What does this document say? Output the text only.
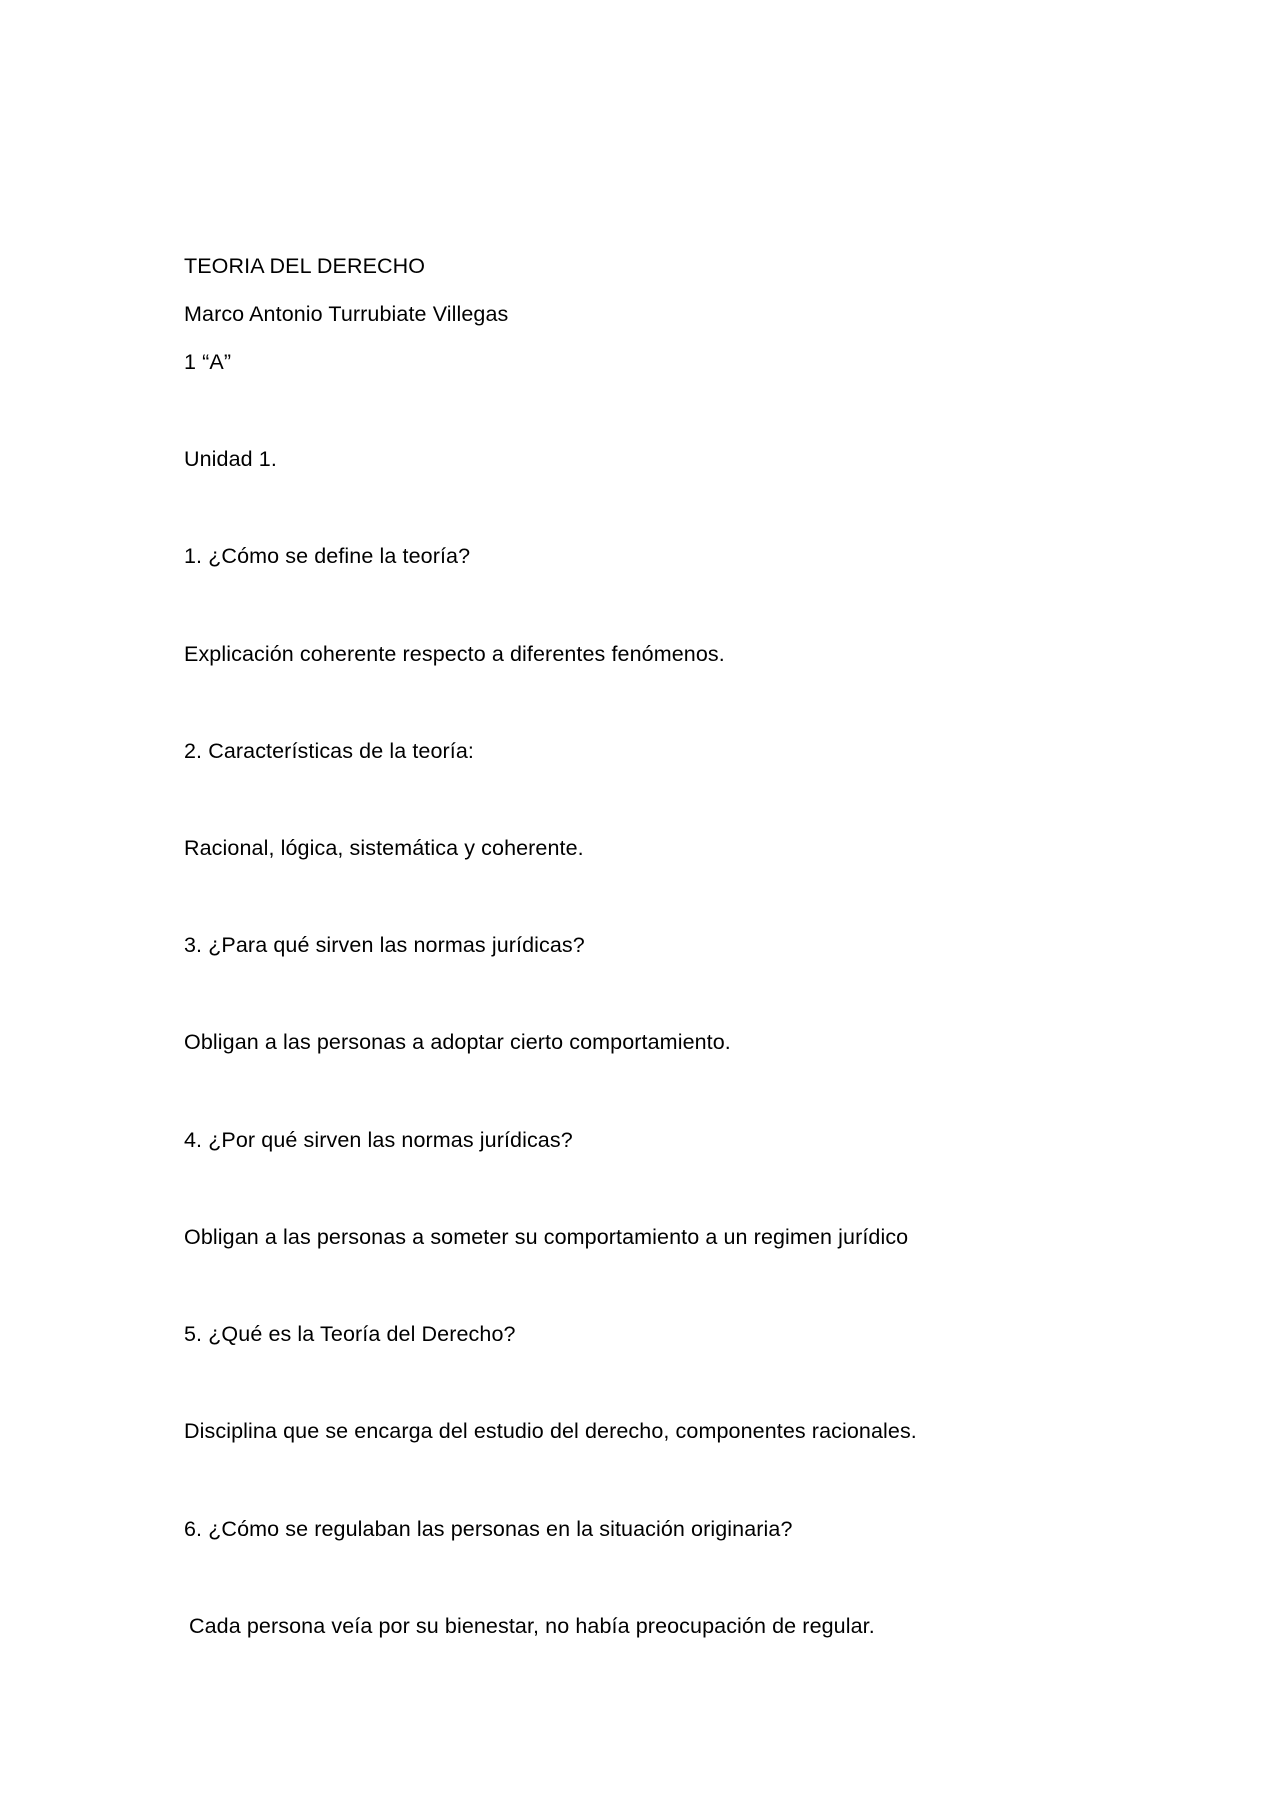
TEORIA DEL DERECHO
Marco Antonio Turrubiate Villegas
1 “A”
Unidad 1.
1. ¿Cómo se define la teoría?
Explicación coherente respecto a diferentes fenómenos.
2. Características de la teoría:
Racional, lógica, sistemática y coherente.
3. ¿Para qué sirven las normas jurídicas?
Obligan a las personas a adoptar cierto comportamiento.
4. ¿Por qué sirven las normas jurídicas?
Obligan a las personas a someter su comportamiento a un regimen jurídico
5. ¿Qué es la Teoría del Derecho?
Disciplina que se encarga del estudio del derecho, componentes racionales.
6. ¿Cómo se regulaban las personas en la situación originaria?
Cada persona veía por su bienestar, no había preocupación de regular.
